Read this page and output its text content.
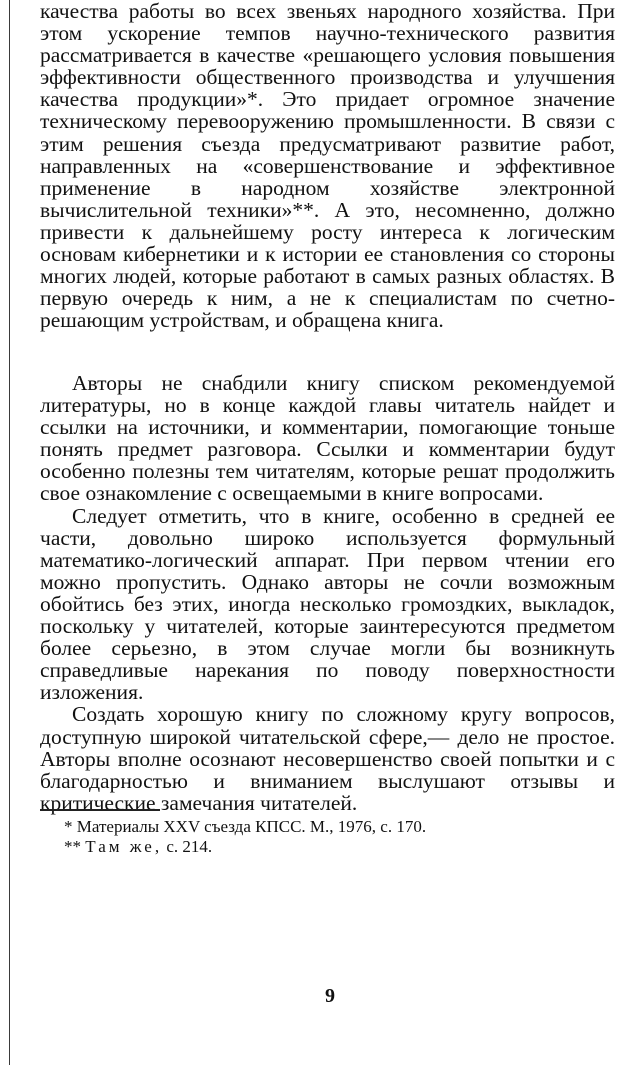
качества работы во всех звеньях народного хозяйства. При этом ускорение темпов научно-технического развития рассматривается в качестве «решающего условия повышения эффективности общественного производства и улучшения качества продукции»*. Это придает огромное значение техническому перевооружению промышленности. В связи с этим решения съезда предусматривают развитие работ, направленных на «совершенствование и эффективное применение в народном хозяйстве электронной вычислительной техники»**. А это, несомненно, должно привести к дальнейшему росту интереса к логическим основам кибернетики и к истории ее становления со стороны многих людей, которые работают в самых разных областях. В первую очередь к ним, а не к специалистам по счетно-решающим устройствам, и обращена книга.

Авторы не снабдили книгу списком рекомендуемой литературы, но в конце каждой главы читатель найдет и ссылки на источники, и комментарии, помогающие тоньше понять предмет разговора. Ссылки и комментарии будут особенно полезны тем читателям, которые решат продолжить свое ознакомление с освещаемыми в книге вопросами.

Следует отметить, что в книге, особенно в средней ее части, довольно широко используется формульный математико-логический аппарат. При первом чтении его можно пропустить. Однако авторы не сочли возможным обойтись без этих, иногда несколько громоздких, выкладок, поскольку у читателей, которые заинтересуются предметом более серьезно, в этом случае могли бы возникнуть справедливые нарекания по поводу поверхностности изложения.

Создать хорошую книгу по сложному кругу вопросов, доступную широкой читательской сфере,— дело не простое. Авторы вполне осознают несовершенство своей попытки и с благодарностью и вниманием выслушают отзывы и критические замечания читателей.

* Материалы XXV съезда КПСС. М., 1976, с. 170.
** Там же, с. 214.
9
